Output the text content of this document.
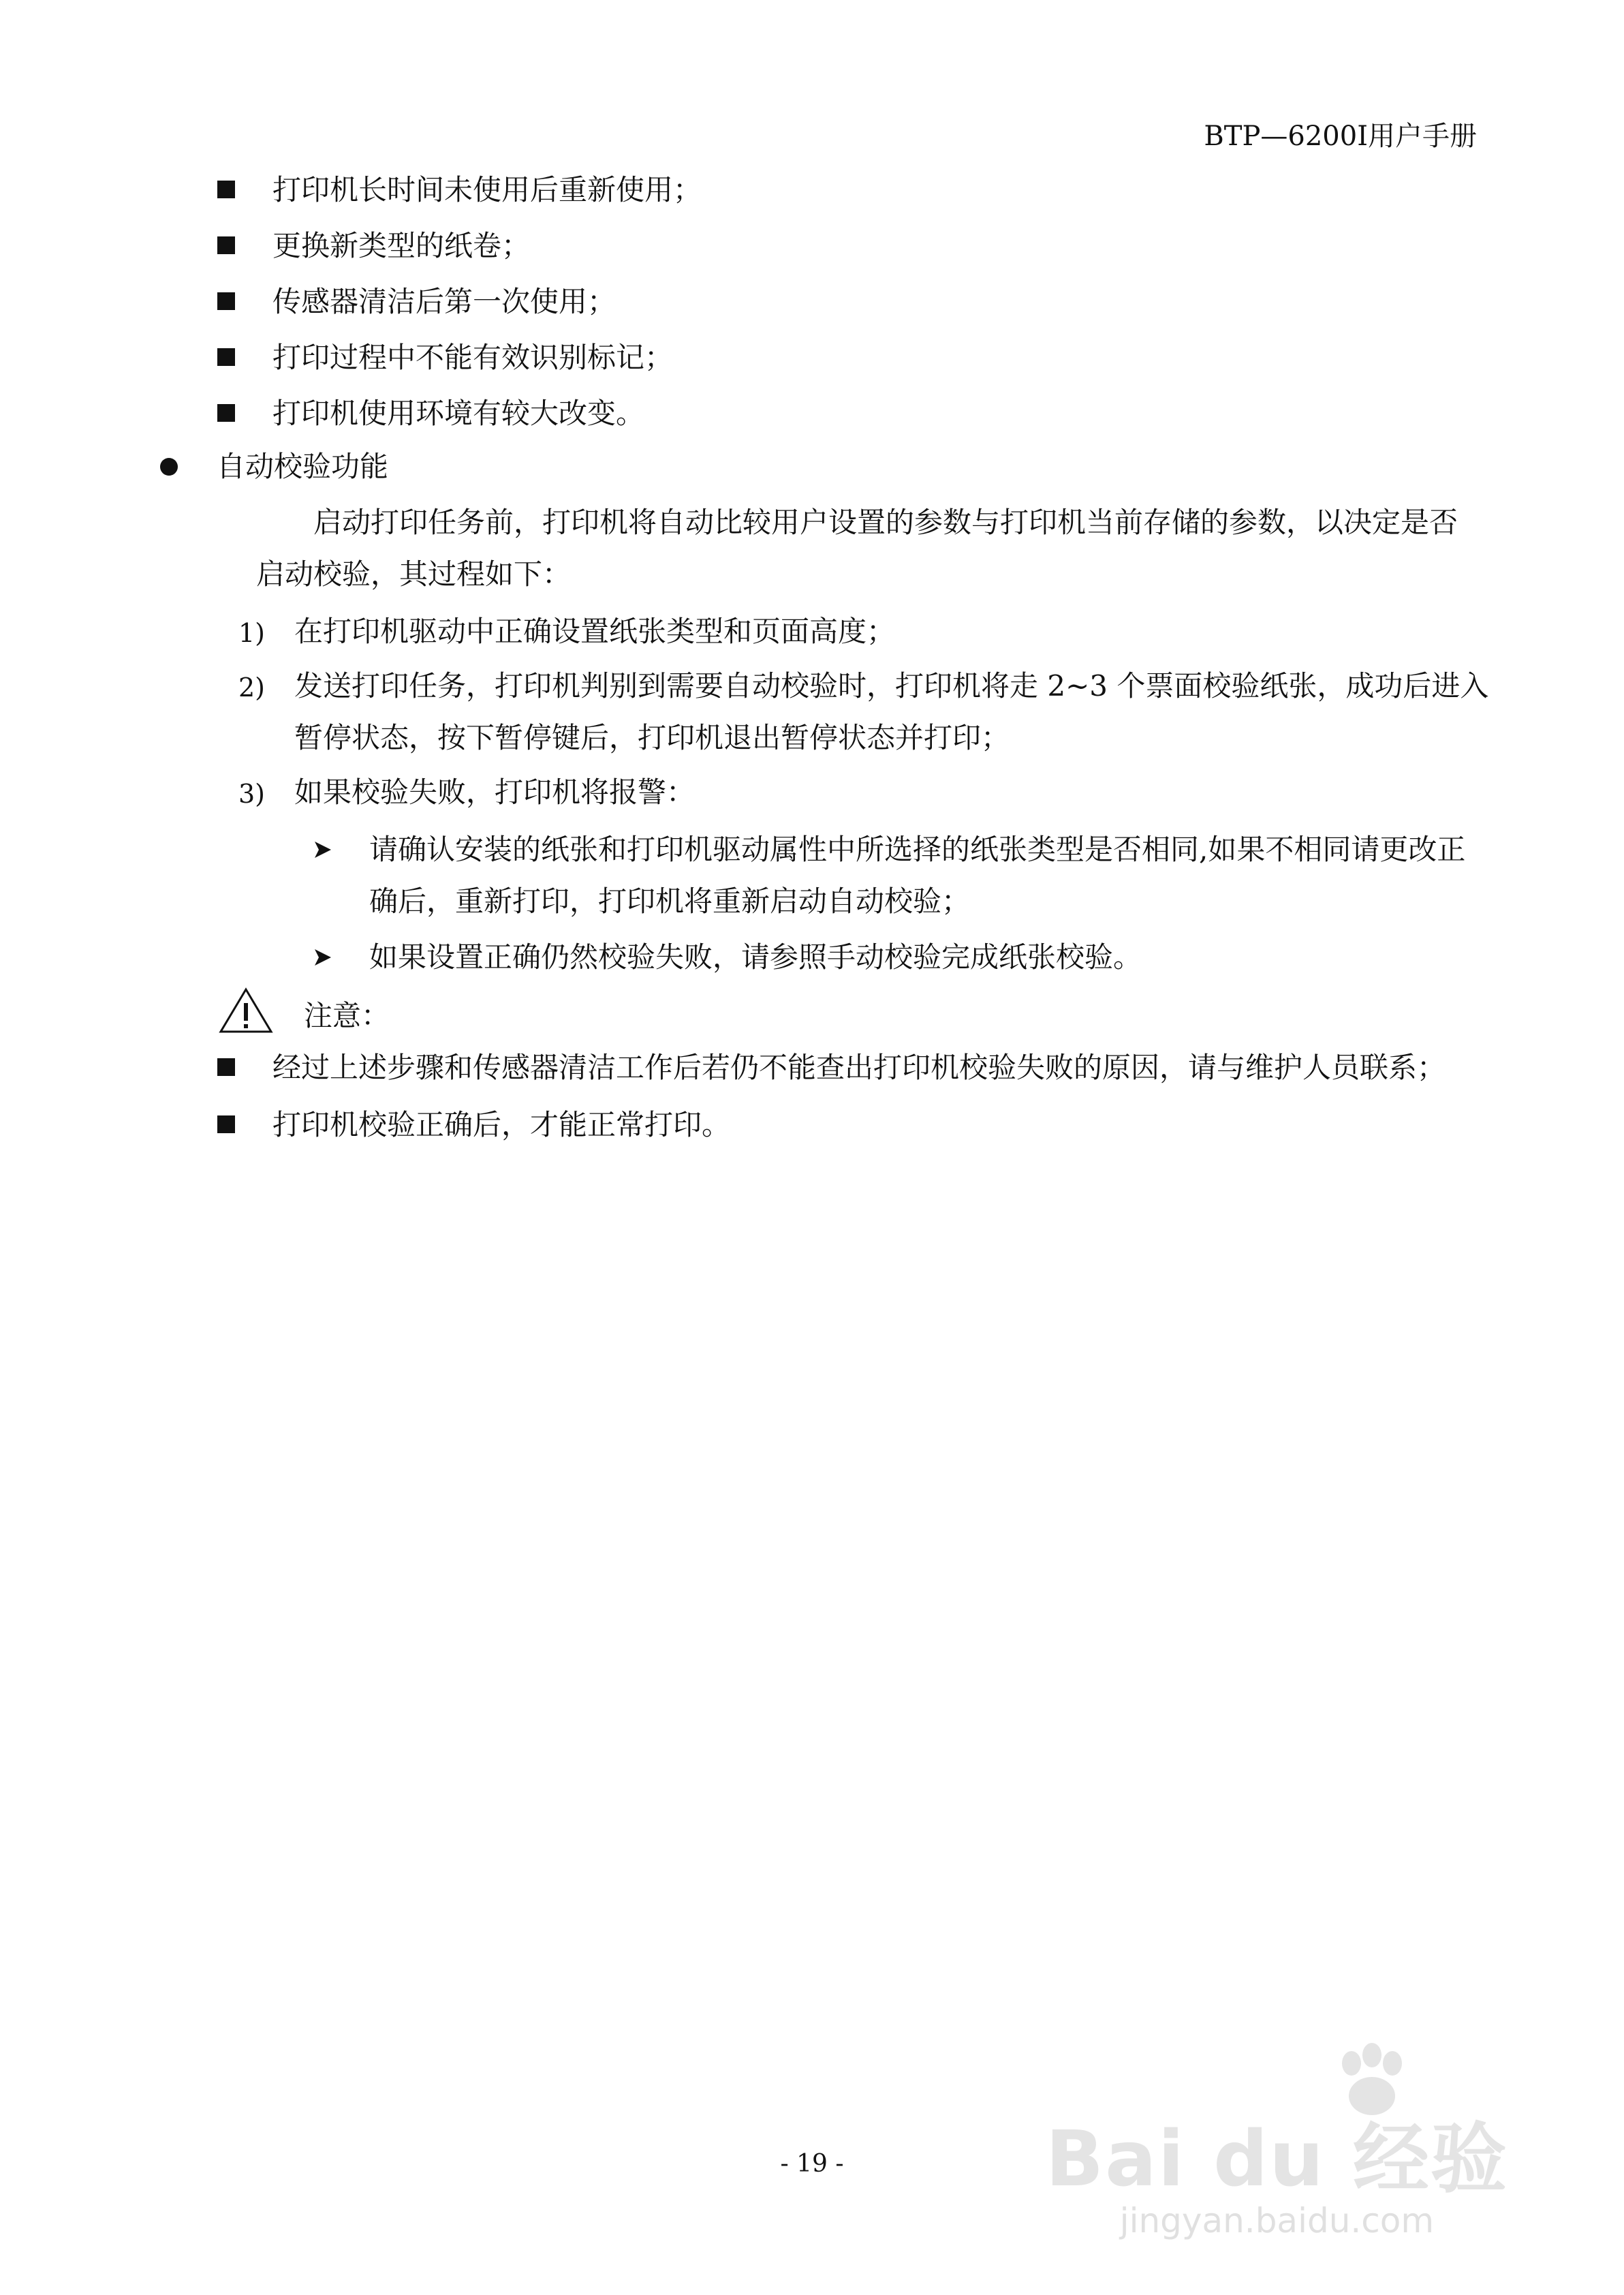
BTP—6200I用户手册
打印机长时间未使用后重新使用；
更换新类型的纸卷；
传感器清洁后第一次使用；
打印过程中不能有效识别标记；
打印机使用环境有较大改变。
自动校验功能
启动打印任务前，打印机将自动比较用户设置的参数与打印机当前存储的参数，以决定是否
启动校验，其过程如下：
1) 在打印机驱动中正确设置纸张类型和页面高度；
2) 发送打印任务，打印机判别到需要自动校验时，打印机将走 2~3 个票面校验纸张，成功后进入
暂停状态，按下暂停键后，打印机退出暂停状态并打印；
3) 如果校验失败，打印机将报警：
请确认安装的纸张和打印机驱动属性中所选择的纸张类型是否相同,如果不相同请更改正
确后，重新打印，打印机将重新启动自动校验；
如果设置正确仍然校验失败，请参照手动校验完成纸张校验。
注意：
经过上述步骤和传感器清洁工作后若仍不能查出打印机校验失败的原因，请与维护人员联系；
打印机校验正确后，才能正常打印。
- 19 -	Bai du 经验
jingyan.baidu.com
